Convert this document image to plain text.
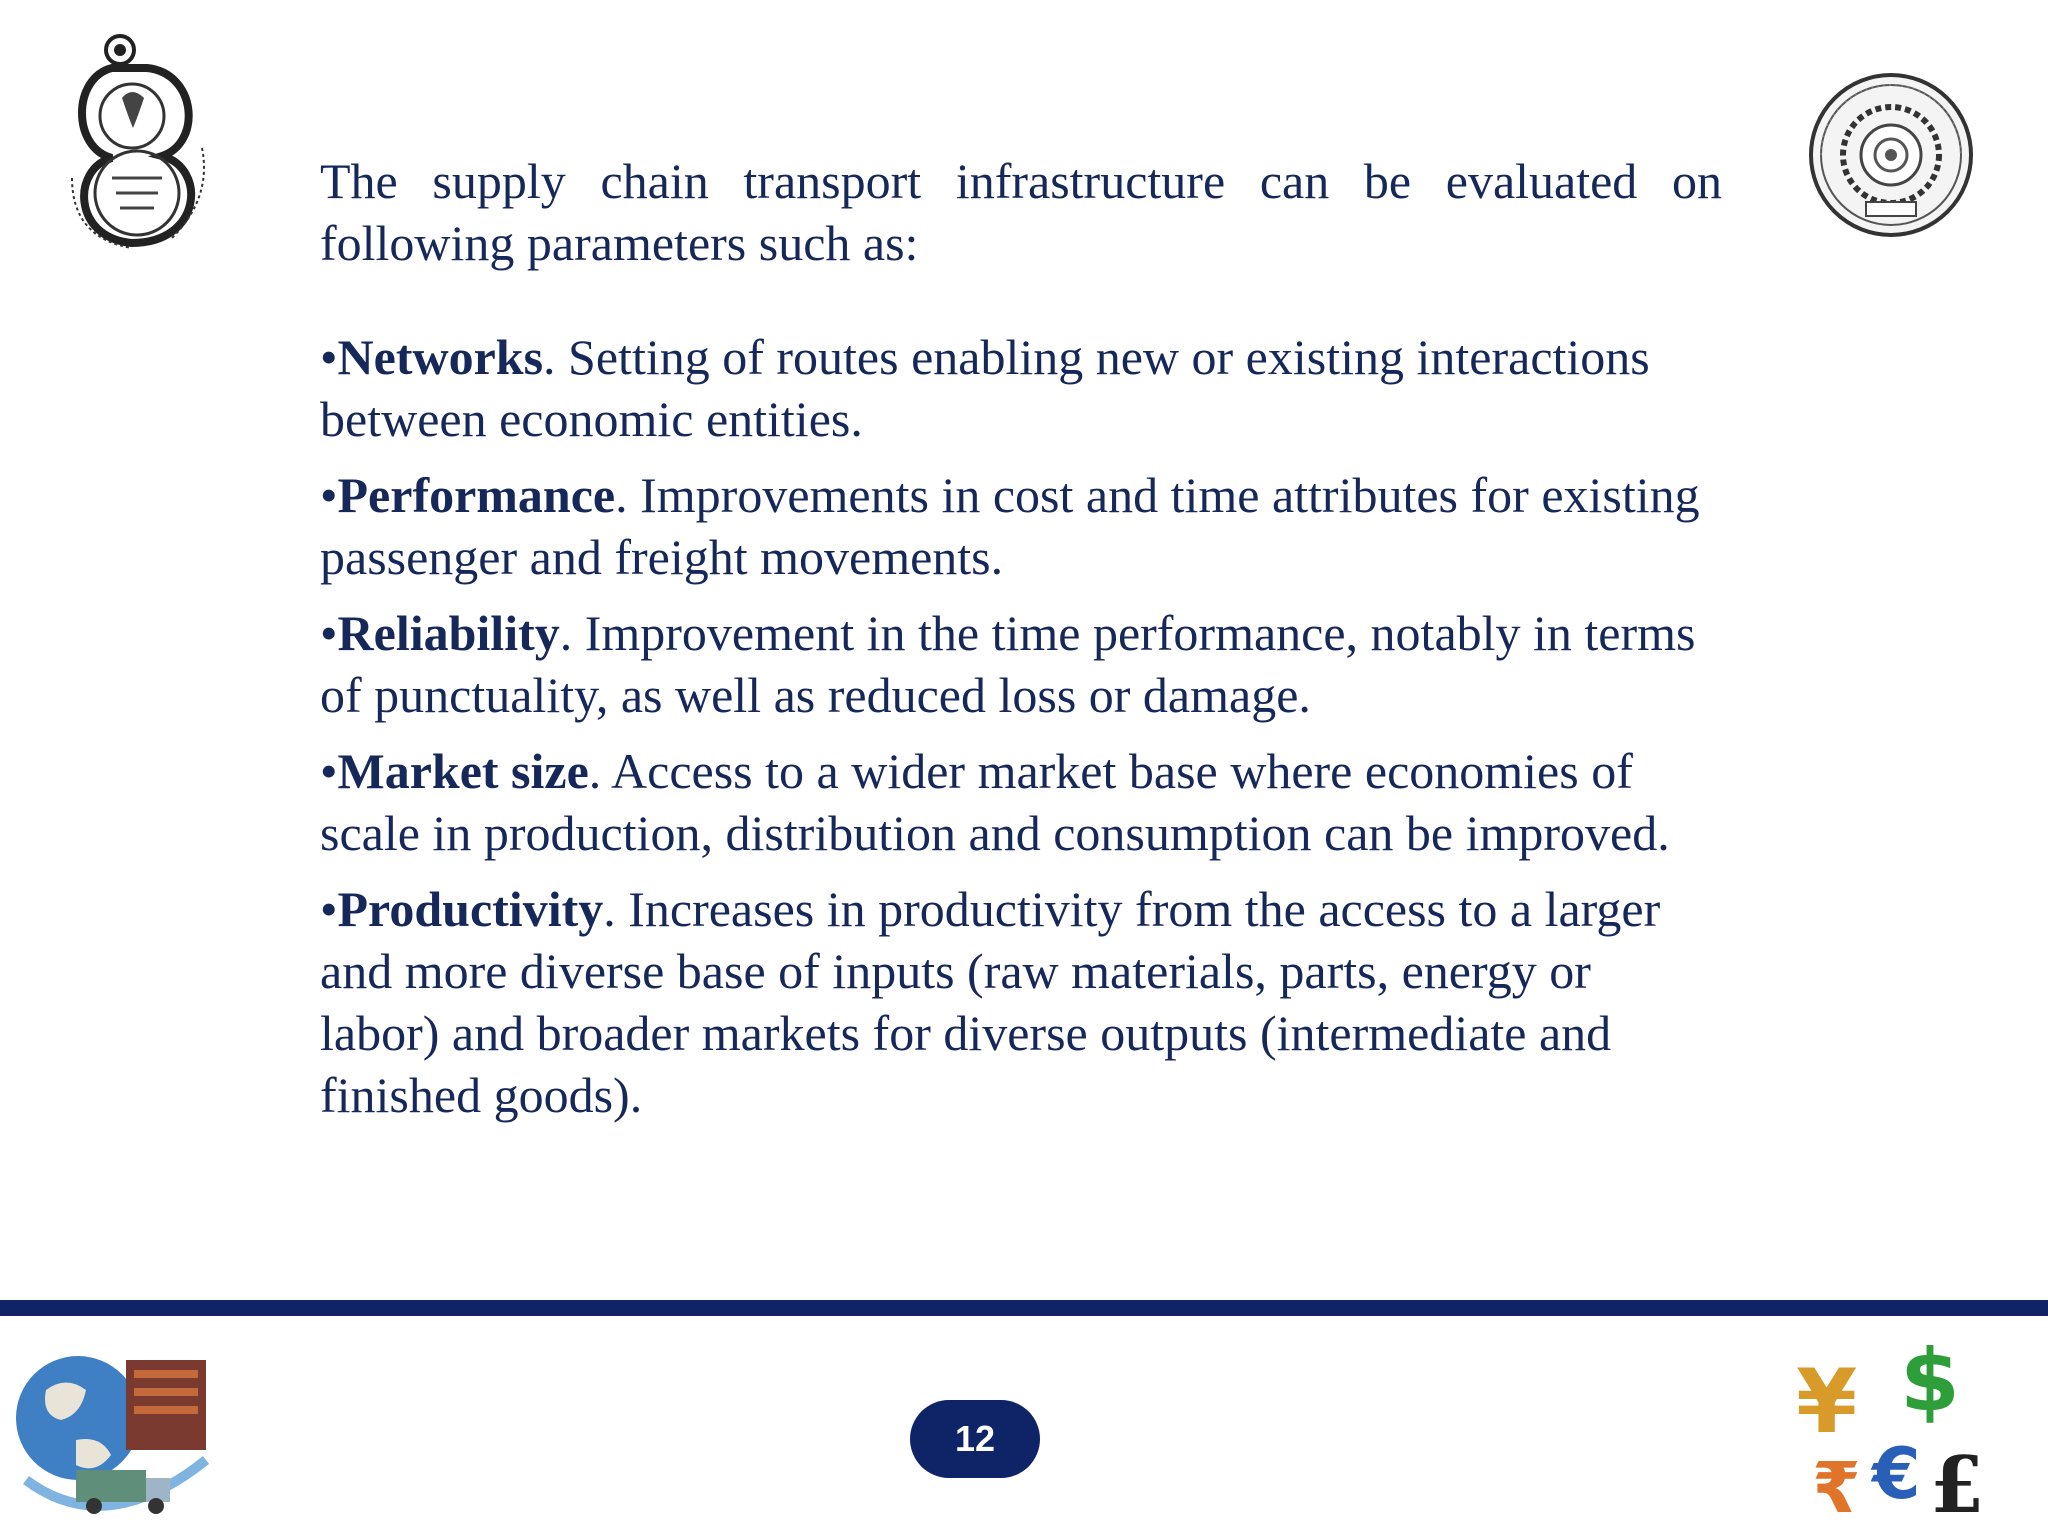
The supply chain transport infrastructure can be evaluated on following parameters such as:

•Networks. Setting of routes enabling new or existing interactions between economic entities.

•Performance. Improvements in cost and time attributes for existing passenger and freight movements.

•Reliability. Improvement in the time performance, notably in terms of punctuality, as well as reduced loss or damage.

•Market size. Access to a wider market base where economies of scale in production, distribution and consumption can be improved.

•Productivity. Increases in productivity from the access to a larger and more diverse base of inputs (raw materials, parts, energy or labor) and broader markets for diverse outputs (intermediate and finished goods).

12	¥ $
₹ € £
